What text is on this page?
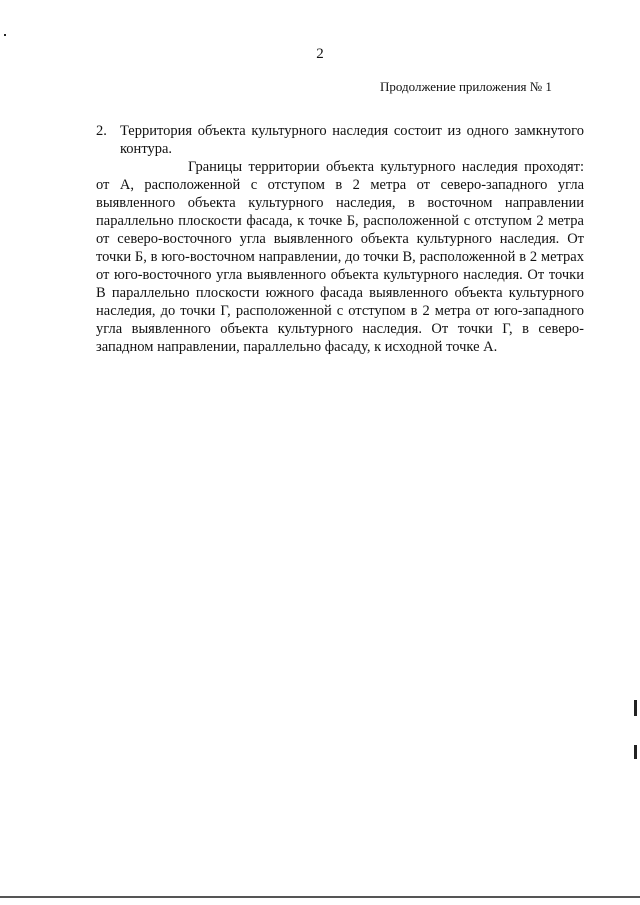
2
Продолжение приложения № 1
2. Территория объекта культурного наследия состоит из одного замкнутого контура.

Границы территории объекта культурного наследия проходят: от А, расположенной с отступом в 2 метра от северо-западного угла выявленного объекта культурного наследия, в восточном направлении параллельно плоскости фасада, к точке Б, расположенной с отступом 2 метра от северо-восточного угла выявленного объекта культурного наследия. От точки Б, в юго-восточном направлении, до точки В, расположенной в 2 метрах от юго-восточного угла выявленного объекта культурного наследия. От точки В параллельно плоскости южного фасада выявленного объекта культурного наследия, до точки Г, расположенной с отступом в 2 метра от юго-западного угла выявленного объекта культурного наследия. От точки Г, в северо-западном направлении, параллельно фасаду, к исходной точке А.
